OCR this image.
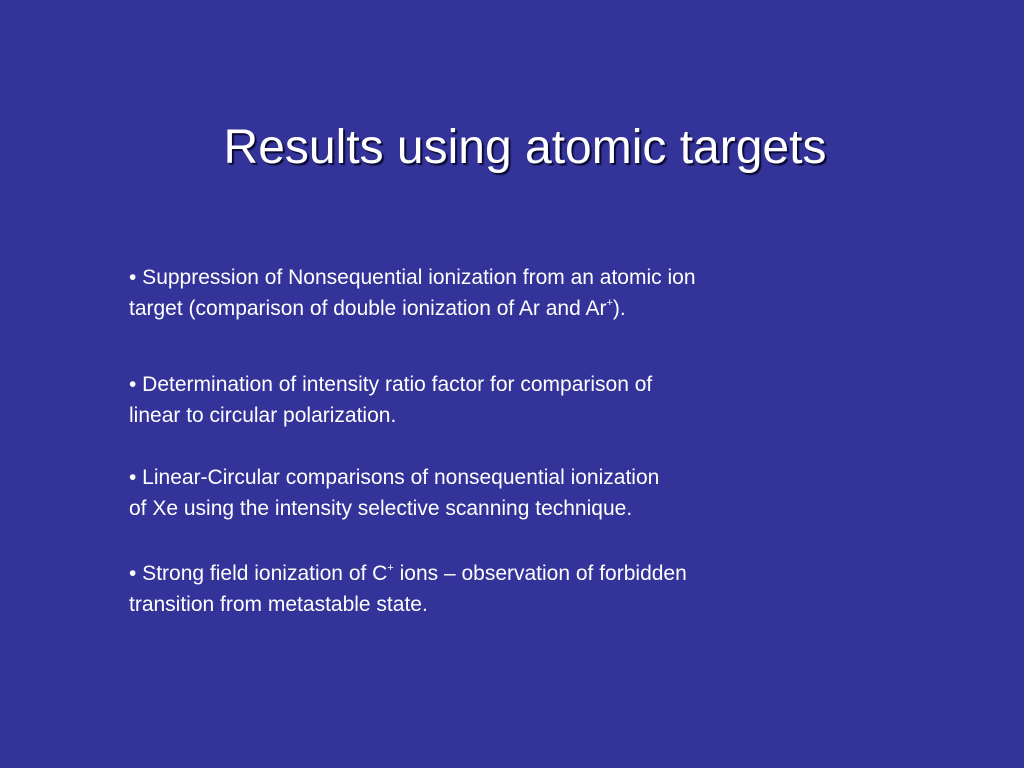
Results using atomic targets

• Suppression of Nonsequential ionization from an atomic ion
target (comparison of double ionization of Ar and Ar+).

• Determination of intensity ratio factor for comparison of
linear to circular polarization.

• Linear-Circular comparisons of nonsequential ionization
of Xe using the intensity selective scanning technique.

• Strong field ionization of C+ ions – observation of forbidden
transition from metastable state.
